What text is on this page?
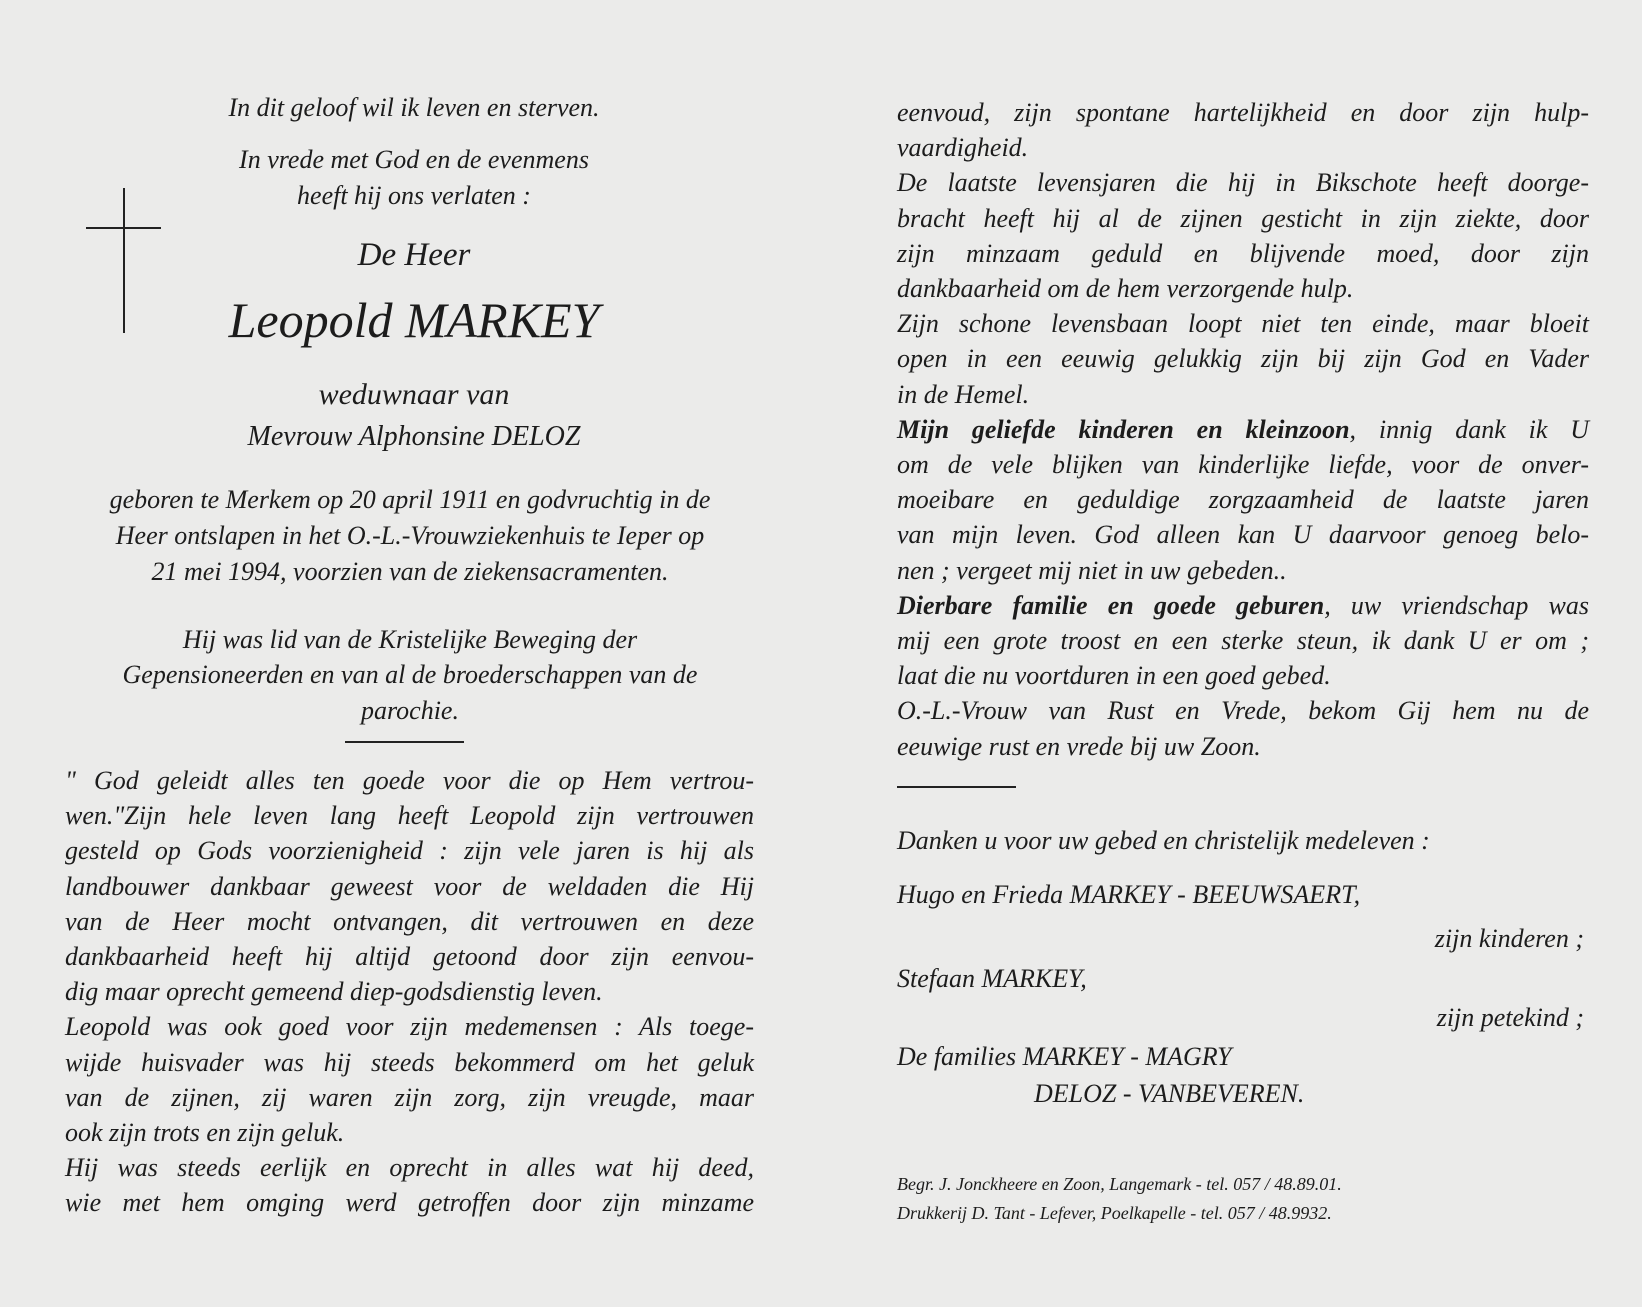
In dit geloof wil ik leven en sterven.
In vrede met God en de evenmens
heeft hij ons verlaten :
De Heer
Leopold MARKEY
weduwnaar van
Mevrouw Alphonsine DELOZ
geboren te Merkem op 20 april 1911 en godvruchtig in de
Heer ontslapen in het O.-L.-Vrouwziekenhuis te Ieper op
21 mei 1994, voorzien van de ziekensacramenten.
Hij was lid van de Kristelijke Beweging der
Gepensioneerden en van al de broederschappen van de
parochie.
" God geleidt alles ten goede voor die op Hem vertrou-
wen."Zijn hele leven lang heeft Leopold zijn vertrouwen
gesteld op Gods voorzienigheid : zijn vele jaren is hij als
landbouwer dankbaar geweest voor de weldaden die Hij
van de Heer mocht ontvangen, dit vertrouwen en deze
dankbaarheid heeft hij altijd getoond door zijn eenvou-
dig maar oprecht gemeend diep-godsdienstig leven.
Leopold was ook goed voor zijn medemensen : Als toege-
wijde huisvader was hij steeds bekommerd om het geluk
van de zijnen, zij waren zijn zorg, zijn vreugde, maar
ook zijn trots en zijn geluk.
Hij was steeds eerlijk en oprecht in alles wat hij deed,
wie met hem omging werd getroffen door zijn minzame
eenvoud, zijn spontane hartelijkheid en door zijn hulp-
vaardigheid.
De laatste levensjaren die hij in Bikschote heeft doorge-
bracht heeft hij al de zijnen gesticht in zijn ziekte, door
zijn minzaam geduld en blijvende moed, door zijn
dankbaarheid om de hem verzorgende hulp.
Zijn schone levensbaan loopt niet ten einde, maar bloeit
open in een eeuwig gelukkig zijn bij zijn God en Vader
in de Hemel.
Mijn geliefde kinderen en kleinzoon, innig dank ik U
om de vele blijken van kinderlijke liefde, voor de onver-
moeibare en geduldige zorgzaamheid de laatste jaren
van mijn leven. God alleen kan U daarvoor genoeg belo-
nen ; vergeet mij niet in uw gebeden..
Dierbare familie en goede geburen, uw vriendschap was
mij een grote troost en een sterke steun, ik dank U er om ;
laat die nu voortduren in een goed gebed.
O.-L.-Vrouw van Rust en Vrede, bekom Gij hem nu de
eeuwige rust en vrede bij uw Zoon.
Danken u voor uw gebed en christelijk medeleven :
Hugo en Frieda MARKEY - BEEUWSAERT,
zijn kinderen ;
Stefaan MARKEY,
zijn petekind ;
De families MARKEY - MAGRY
DELOZ - VANBEVEREN.
Begr. J. Jonckheere en Zoon, Langemark - tel. 057 / 48.89.01.
Drukkerij D. Tant - Lefever, Poelkapelle - tel. 057 / 48.9932.
